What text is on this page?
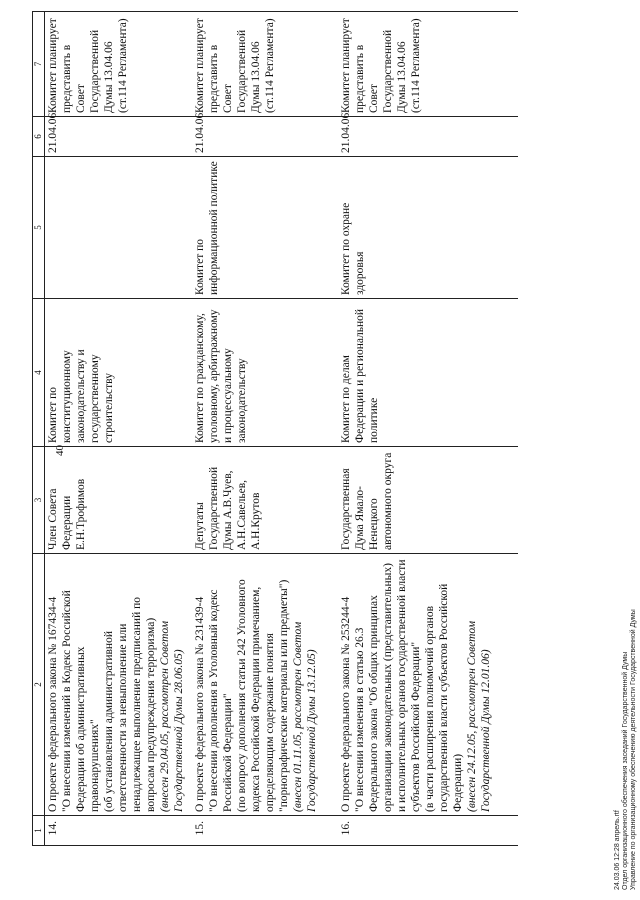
40
1	2	3	4	5	6	7
14.	О проекте федерального закона № 167434-4 "О внесении изменений в Кодекс Российской Федерации об административных правонарушениях" (об установлении административной ответственности за невыполнение или ненадлежащее выполнение предписаний по вопросам предупреждения терроризма) (внесен 29.04.05, рассмотрен Советом Государственной Думы 28.06.05)	Член Совета Федерации Е.Н.Трофимов	Комитет по конституционному законодательству и государственному строительству		21.04.06	Комитет планирует представить в Совет Государственной Думы 13.04.06 (ст.114 Регламента)
15.	О проекте федерального закона № 231439-4 "О внесении дополнения в Уголовный кодекс Российской Федерации" (по вопросу дополнения статьи 242 Уголовного кодекса Российской Федерации примечанием, определяющим содержание понятия "порнографические материалы или предметы") (внесен 01.11.05, рассмотрен Советом Государственной Думы 13.12.05)	Депутаты Государственной Думы А.В.Чуев, А.Н.Савельев, А.Н.Крутов	Комитет по гражданскому, уголовному, арбитражному и процессуальному законодательству	Комитет по информационной политике	21.04.06	Комитет планирует представить в Совет Государственной Думы 13.04.06 (ст.114 Регламента)
16.	О проекте федерального закона № 253244-4 "О внесении изменения в статью 26.3 Федерального закона "Об общих принципах организации законодательных (представительных) и исполнительных органов государственной власти субъектов Российской Федерации" (в части расширения полномочий органов государственной власти субъектов Российской Федерации) (внесен 24.12.05, рассмотрен Советом Государственной Думы 12.01.06)	Государственная Дума Ямало-Ненецкого автономного округа	Комитет по делам Федерации и региональной политике	Комитет по охране здоровья	21.04.06	Комитет планирует представить в Совет Государственной Думы 13.04.06 (ст.114 Регламента)
24.03.06 12:28 апрель.rtf Отдел организационного обеспечения заседаний Государственной Думы Управление по организационному обеспечению деятельности Государственной Думы
